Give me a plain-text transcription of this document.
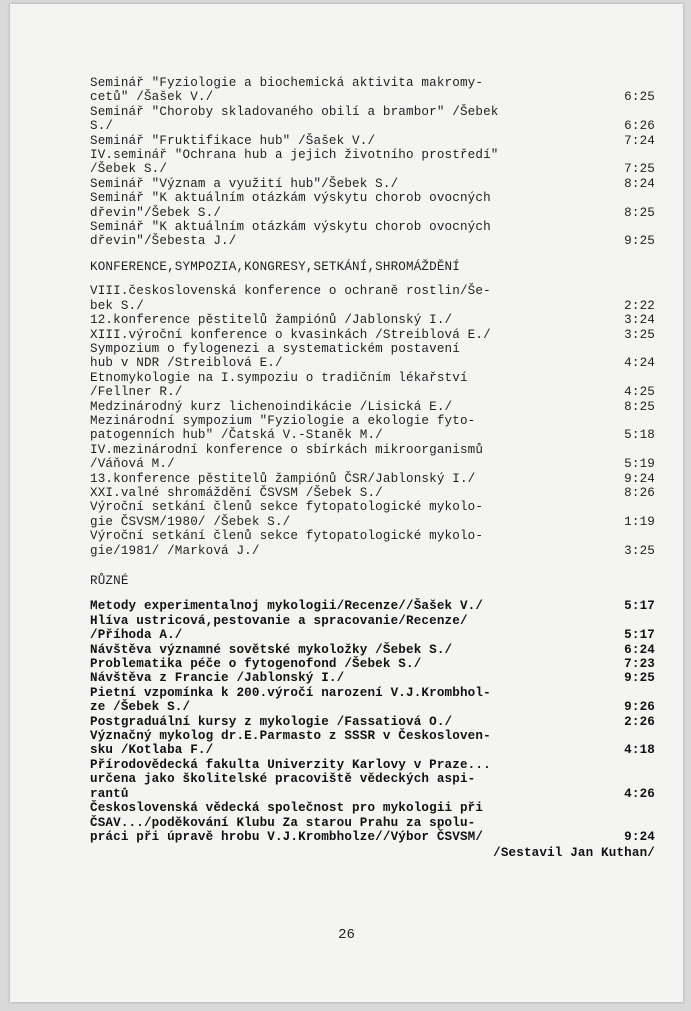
Seminář "Fyziologie a biochemická aktivita makromy-
cetů" /Šašek V./	6:25
Seminář "Choroby skladovaného obilí a brambor" /Šebek
S./	6:26
Seminář "Fruktifikace hub" /Šašek V./	7:24
IV.seminář "Ochrana hub a jejich životního prostředí"
/Šebek S./	7:25
Seminář "Význam a využití hub"/Šebek S./	8:24
Seminář "K aktuálním otázkám výskytu chorob ovocných
dřevin"/Šebek S./	8:25
Seminář "K aktuálním otázkám výskytu chorob ovocných
dřevin"/Šebesta J./	9:25
KONFERENCE,SYMPOZIA,KONGRESY,SETKÁNÍ,SHROMÁŽDĚNÍ
VIII.československá konference o ochraně rostlin/Še-
bek S./	2:22
12.konference pěstitelů žampiónů /Jablonský I./	3:24
XIII.výroční konference o kvasinkách /Streiblová E./	3:25
Sympozium o fylogenezi a systematickém postavení
hub v NDR /Streiblová E./	4:24
Etnomykologie na I.sympoziu o tradičním lékařství
/Fellner R./	4:25
Medzinárodný kurz lichenoindikácie /Lisická E./	8:25
Mezinárodní sympozium "Fyziologie a ekologie fyto-
patogenních hub" /Čatská V.-Staněk M./	5:18
IV.mezinárodní konference o sbírkách mikroorganismů
/Váňová M./	5:19
13.konference pěstitelů žampiónů ČSR/Jablonský I./	9:24
XXI.valné shromáždění ČSVSM /Šebek S./	8:26
Výroční setkání členů sekce fytopatologické mykolo-
gie ČSVSM/1980/ /Šebek S./	1:19
Výroční setkání členů sekce fytopatologické mykolo-
gie/1981/ /Marková J./	3:25
RŮZNÉ
Metody experimentalnoj mykologii/Recenze//Šašek V./	5:17
Hlíva ustricová,pestovanie a spracovanie/Recenze/
/Příhoda A./	5:17
Návštěva významné sovětské mykoložky /Šebek S./	6:24
Problematika péče o fytogenofond /Šebek S./	7:23
Návštěva z Francie /Jablonský I./	9:25
Pietní vzpomínka k 200.výročí narození V.J.Krombhol-
ze /Šebek S./	9:26
Postgraduální kursy z mykologie /Fassatiová O./	2:26
Význačný mykolog dr.E.Parmasto z SSSR v Českosloven-
sku /Kotlaba F./	4:18
Přírodovědecká fakulta Univerzity Karlovy v Praze...
určena jako školitelské pracoviště vědeckých aspi-
rantů	4:26
Československá vědecká společnost pro mykologii při
ČSAV.../poděkování Klubu Za starou Prahu za spolu-
práci při úpravě hrobu V.J.Krombholze//Výbor ČSVSM/	9:24
/Sestavil Jan Kuthan/
26
